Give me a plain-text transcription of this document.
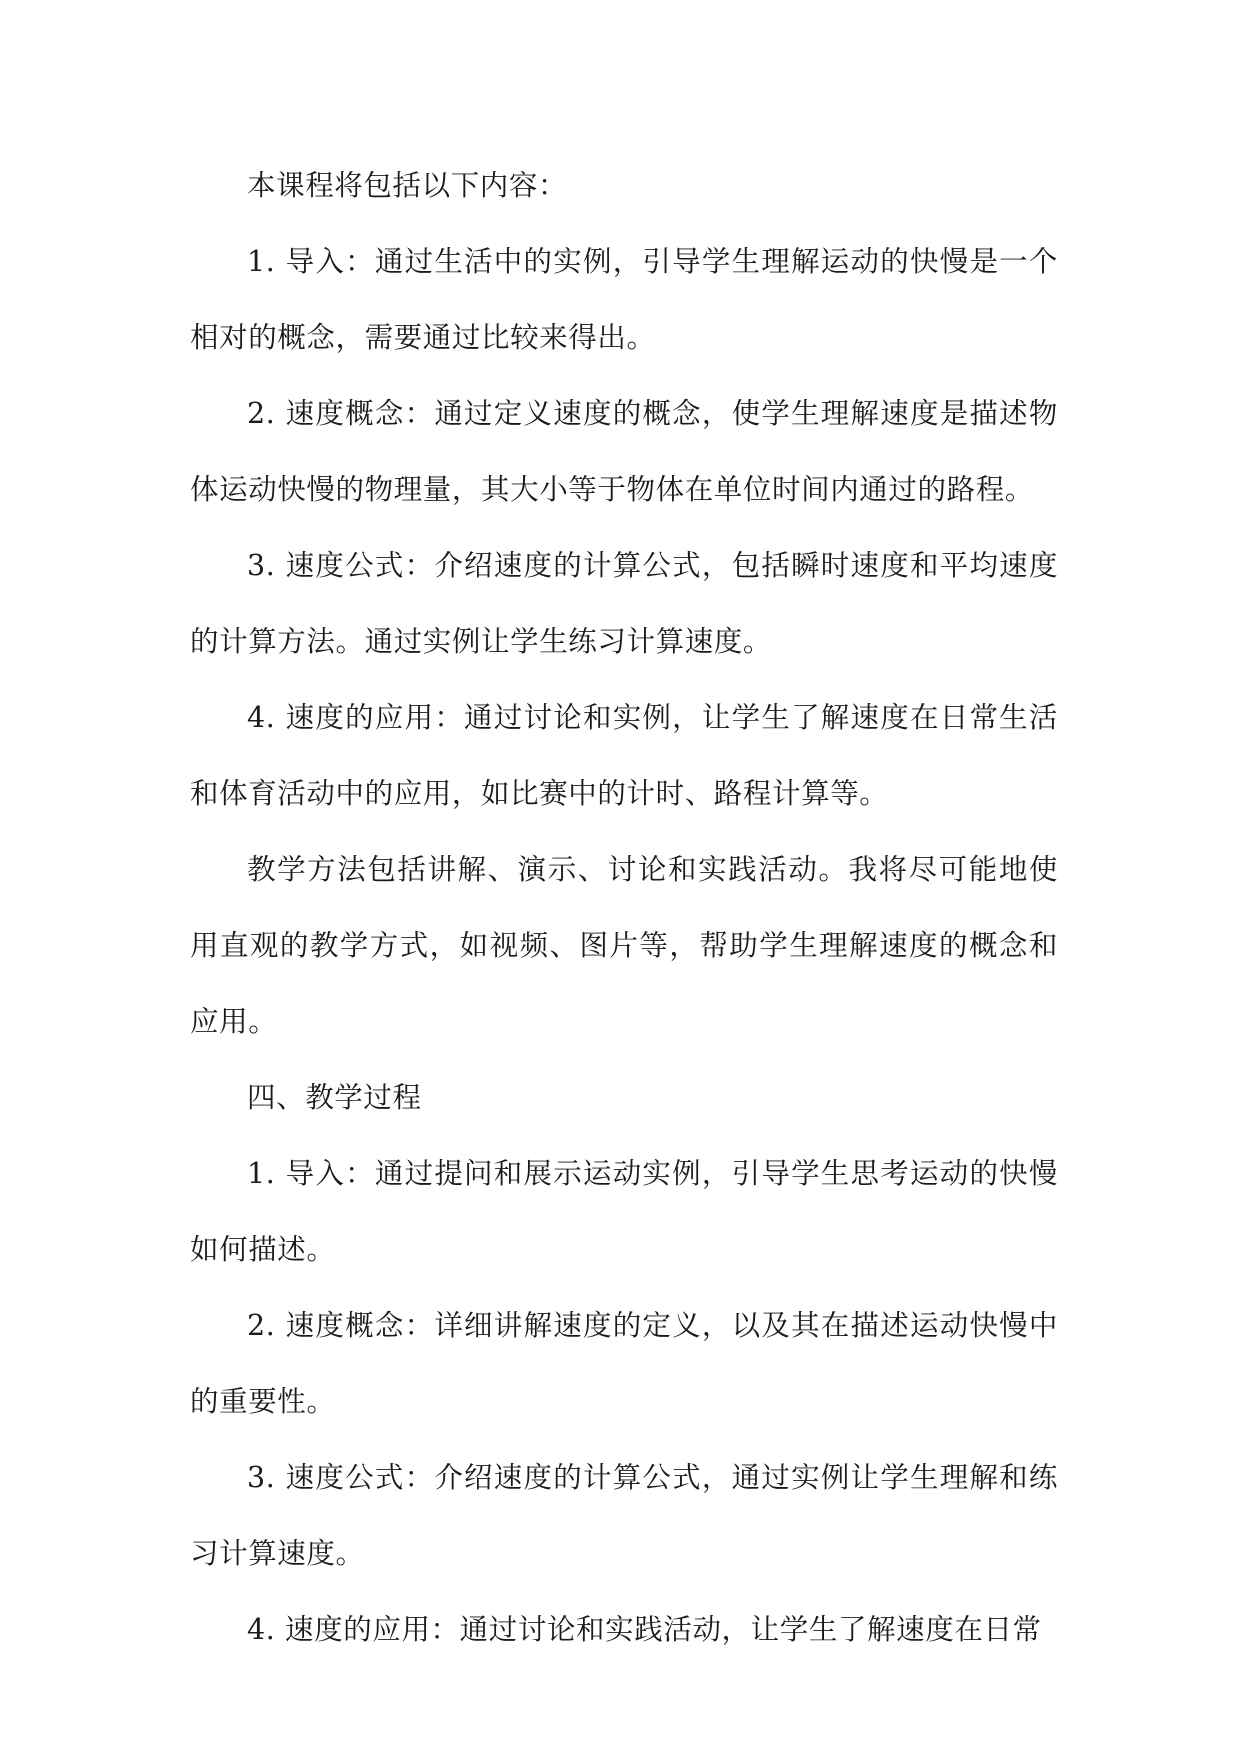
本课程将包括以下内容：

1. 导入：通过生活中的实例，引导学生理解运动的快慢是一个相对的概念，需要通过比较来得出。

2. 速度概念：通过定义速度的概念，使学生理解速度是描述物体运动快慢的物理量，其大小等于物体在单位时间内通过的路程。

3. 速度公式：介绍速度的计算公式，包括瞬时速度和平均速度的计算方法。通过实例让学生练习计算速度。

4. 速度的应用：通过讨论和实例，让学生了解速度在日常生活和体育活动中的应用，如比赛中的计时、路程计算等。

教学方法包括讲解、演示、讨论和实践活动。我将尽可能地使用直观的教学方式，如视频、图片等，帮助学生理解速度的概念和应用。

四、教学过程

1. 导入：通过提问和展示运动实例，引导学生思考运动的快慢如何描述。

2. 速度概念：详细讲解速度的定义，以及其在描述运动快慢中的重要性。

3. 速度公式：介绍速度的计算公式，通过实例让学生理解和练习计算速度。

4. 速度的应用：通过讨论和实践活动，让学生了解速度在日常
